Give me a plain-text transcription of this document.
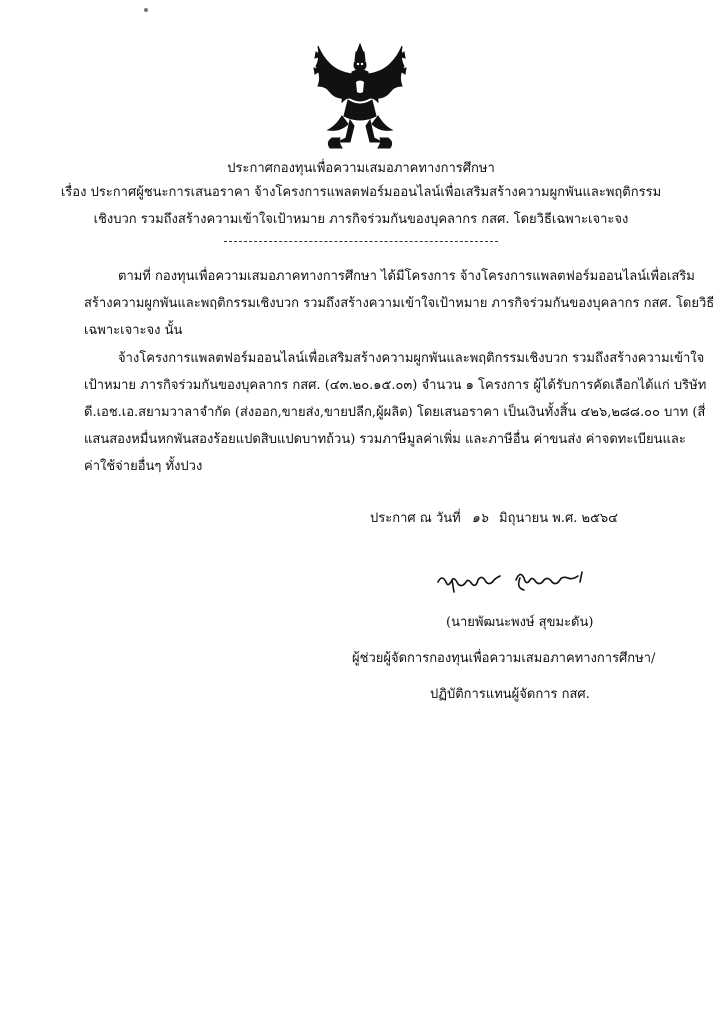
ประกาศกองทุนเพื่อความเสมอภาคทางการศึกษา
เรื่อง ประกาศผู้ชนะการเสนอราคา จ้างโครงการแพลตฟอร์มออนไลน์เพื่อเสริมสร้างความผูกพันและพฤติกรรม
เชิงบวก รวมถึงสร้างความเข้าใจเป้าหมาย ภารกิจร่วมกันของบุคลากร กสศ. โดยวิธีเฉพาะเจาะจง
ตามที่ กองทุนเพื่อความเสมอภาคทางการศึกษา ได้มีโครงการ จ้างโครงการแพลตฟอร์มออนไลน์เพื่อเสริม
สร้างความผูกพันและพฤติกรรมเชิงบวก รวมถึงสร้างความเข้าใจเป้าหมาย ภารกิจร่วมกันของบุคลากร กสศ. โดยวิธี
เฉพาะเจาะจง นั้น
จ้างโครงการแพลตฟอร์มออนไลน์เพื่อเสริมสร้างความผูกพันและพฤติกรรมเชิงบวก รวมถึงสร้างความเข้าใจ
เป้าหมาย ภารกิจร่วมกันของบุคลากร กสศ. (๔๓.๒๐.๑๕.๐๓) จำนวน ๑ โครงการ ผู้ได้รับการคัดเลือกได้แก่ บริษัท
ดี.เอช.เอ.สยามวาลาจำกัด (ส่งออก,ขายส่ง,ขายปลีก,ผู้ผลิต) โดยเสนอราคา เป็นเงินทั้งสิ้น ๔๒๖,๒๘๘.๐๐ บาท (สี่
แสนสองหมื่นหกพันสองร้อยแปดสิบแปดบาทถ้วน) รวมภาษีมูลค่าเพิ่ม และภาษีอื่น ค่าขนส่ง ค่าจดทะเบียนและ
ค่าใช้จ่ายอื่นๆ ทั้งปวง
ประกาศ ณ วันที่ ๑๖ มิถุนายน พ.ศ. ๒๕๖๔
(นายพัฒนะพงษ์ สุขมะดัน)
ผู้ช่วยผู้จัดการกองทุนเพื่อความเสมอภาคทางการศึกษา/
ปฏิบัติการแทนผู้จัดการ กสศ.
